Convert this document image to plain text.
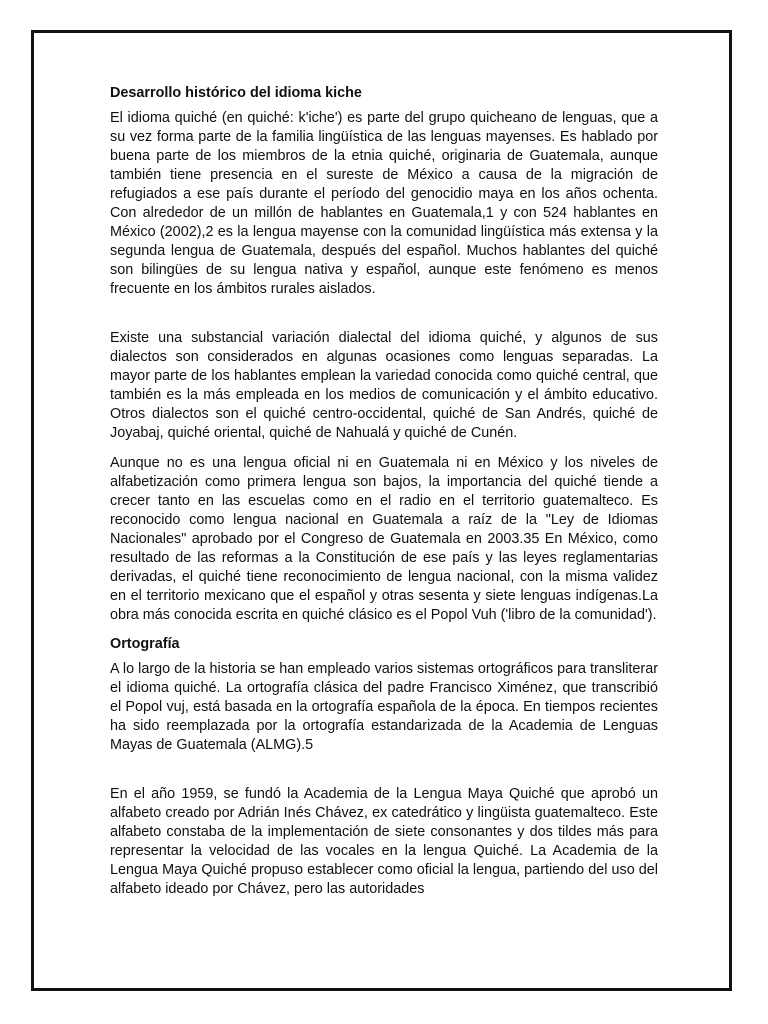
Desarrollo histórico del idioma kiche

El idioma quiché (en quiché: k'iche') es parte del grupo quicheano de lenguas, que a su vez forma parte de la familia lingüística de las lenguas mayenses. Es hablado por buena parte de los miembros de la etnia quiché, originaria de Guatemala, aunque también tiene presencia en el sureste de México a causa de la migración de refugiados a ese país durante el período del genocidio maya en los años ochenta. Con alrededor de un millón de hablantes en Guatemala,1 y con 524 hablantes en México (2002),2 es la lengua mayense con la comunidad lingüística más extensa y la segunda lengua de Guatemala, después del español. Muchos hablantes del quiché son bilingües de su lengua nativa y español, aunque este fenómeno es menos frecuente en los ámbitos rurales aislados.

Existe una substancial variación dialectal del idioma quiché, y algunos de sus dialectos son considerados en algunas ocasiones como lenguas separadas. La mayor parte de los hablantes emplean la variedad conocida como quiché central, que también es la más empleada en los medios de comunicación y el ámbito educativo. Otros dialectos son el quiché centro-occidental, quiché de San Andrés, quiché de Joyabaj, quiché oriental, quiché de Nahualá y quiché de Cunén.

Aunque no es una lengua oficial ni en Guatemala ni en México y los niveles de alfabetización como primera lengua son bajos, la importancia del quiché tiende a crecer tanto en las escuelas como en el radio en el territorio guatemalteco. Es reconocido como lengua nacional en Guatemala a raíz de la "Ley de Idiomas Nacionales" aprobado por el Congreso de Guatemala en 2003.35 En México, como resultado de las reformas a la Constitución de ese país y las leyes reglamentarias derivadas, el quiché tiene reconocimiento de lengua nacional, con la misma validez en el territorio mexicano que el español y otras sesenta y siete lenguas indígenas.La obra más conocida escrita en quiché clásico es el Popol Vuh ('libro de la comunidad').

Ortografía

A lo largo de la historia se han empleado varios sistemas ortográficos para transliterar el idioma quiché. La ortografía clásica del padre Francisco Ximénez, que transcribió el Popol vuj, está basada en la ortografía española de la época. En tiempos recientes ha sido reemplazada por la ortografía estandarizada de la Academia de Lenguas Mayas de Guatemala (ALMG).5

En el año 1959, se fundó la Academia de la Lengua Maya Quiché que aprobó un alfabeto creado por Adrián Inés Chávez, ex catedrático y lingüista guatemalteco. Este alfabeto constaba de la implementación de siete consonantes y dos tildes más para representar la velocidad de las vocales en la lengua Quiché. La Academia de la Lengua Maya Quiché propuso establecer como oficial la lengua, partiendo del uso del alfabeto ideado por Chávez, pero las autoridades
